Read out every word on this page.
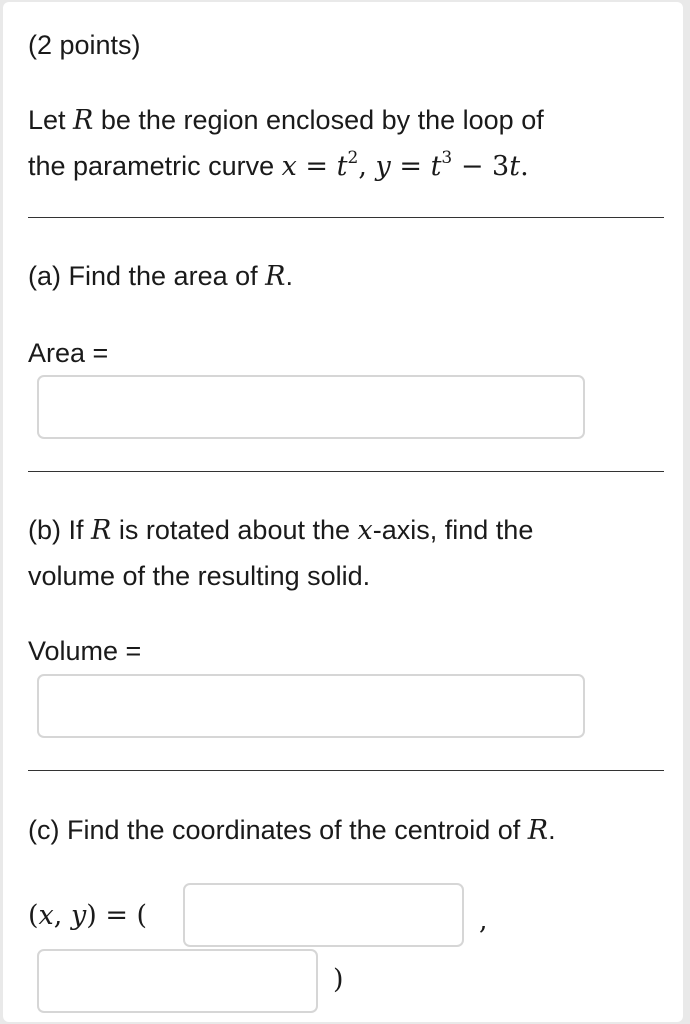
(2 points)
Let R be the region enclosed by the loop of
the parametric curve $x = t^2$, $y = t^3 - 3t$.
(a) Find the area of R.
Area =
(b) If R is rotated about the x-axis, find the
volume of the resulting solid.
Volume =
(c) Find the coordinates of the centroid of R.
(x, y) = (	,
)
